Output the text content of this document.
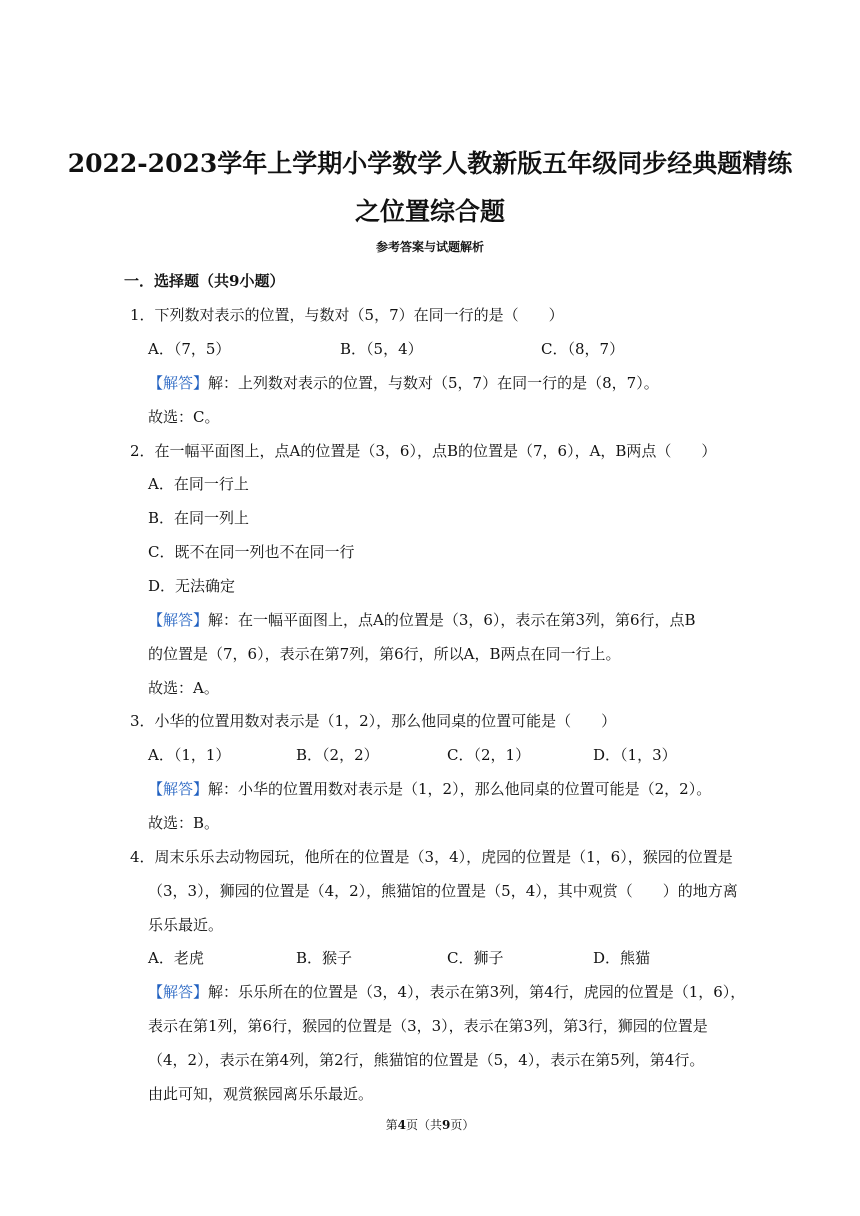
2022-2023学年上学期小学数学人教新版五年级同步经典题精练
之位置综合题
参考答案与试题解析
一．选择题（共9小题）
1．下列数对表示的位置，与数对（5，7）在同一行的是（　　）
A．（7，5）	B．（5，4）	C．（8，7）
【解答】解：上列数对表示的位置，与数对（5，7）在同一行的是（8，7）。
故选：C。
2．在一幅平面图上，点A的位置是（3，6），点B的位置是（7，6），A，B两点（　　）
A．在同一行上
B．在同一列上
C．既不在同一列也不在同一行
D．无法确定
【解答】解：在一幅平面图上，点A的位置是（3，6），表示在第3列，第6行，点B
的位置是（7，6），表示在第7列，第6行，所以A，B两点在同一行上。
故选：A。
3．小华的位置用数对表示是（1，2），那么他同桌的位置可能是（　　）
A．（1，1）	B．（2，2）	C．（2，1）	D．（1，3）
【解答】解：小华的位置用数对表示是（1，2），那么他同桌的位置可能是（2，2）。
故选：B。
4．周末乐乐去动物园玩，他所在的位置是（3，4），虎园的位置是（1，6），猴园的位置是
（3，3），狮园的位置是（4，2），熊猫馆的位置是（5，4），其中观赏（　　）的地方离
乐乐最近。
A．老虎	B．猴子	C．狮子	D．熊猫
【解答】解：乐乐所在的位置是（3，4），表示在第3列，第4行，虎园的位置是（1，6），
表示在第1列，第6行，猴园的位置是（3，3），表示在第3列，第3行，狮园的位置是
（4，2），表示在第4列，第2行，熊猫馆的位置是（5，4），表示在第5列，第4行。
由此可知，观赏猴园离乐乐最近。
第4页（共9页）
